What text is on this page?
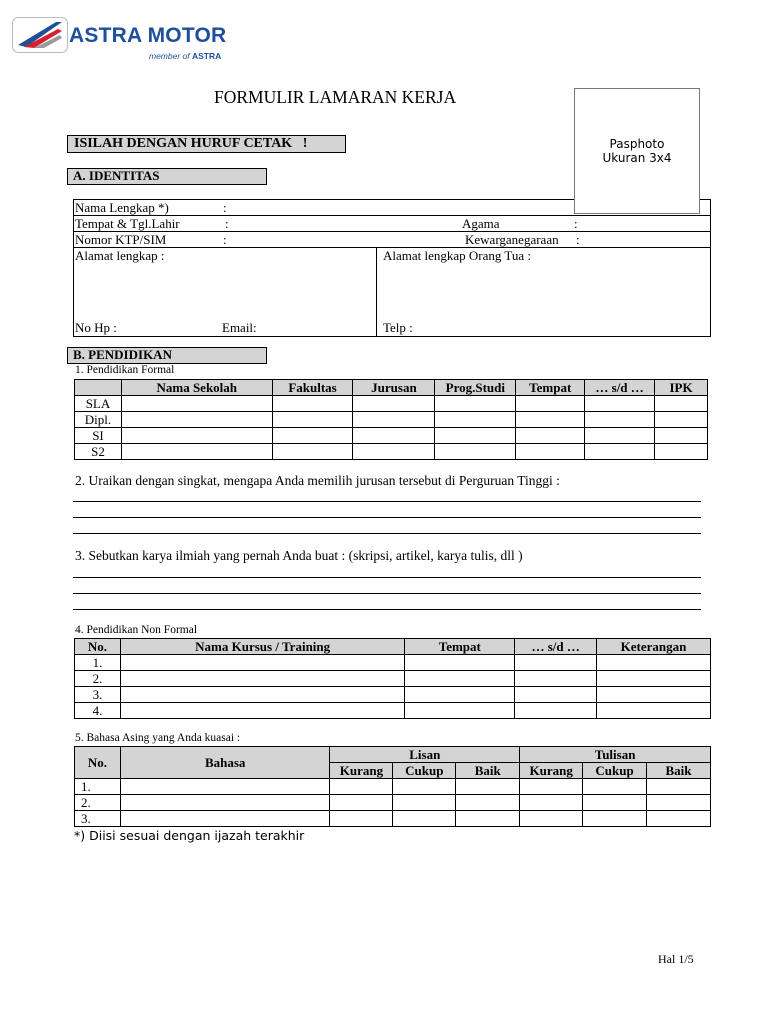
ASTRA MOTOR
member of ASTRA
FORMULIR LAMARAN KERJA
Pasphoto
Ukuran 3x4
ISILAH DENGAN HURUF CETAK   !
A. IDENTITAS
Nama Lengkap *)	:
Tempat & Tgl.Lahir	:	Agama	:
Nomor KTP/SIM	:	Kewarganegaraan :
Alamat lengkap :	Alamat lengkap Orang Tua :
No Hp :	Email:	Telp :
B. PENDIDIKAN
1. Pendidikan Formal
	Nama Sekolah	Fakultas	Jurusan	Prog.Studi	Tempat	… s/d …	IPK
SLA							
Dipl.							
SI							
S2							
2. Uraikan dengan singkat, mengapa Anda memilih jurusan tersebut di Perguruan Tinggi :
3. Sebutkan karya ilmiah yang pernah Anda buat : (skripsi, artikel, karya tulis, dll )
4. Pendidikan Non Formal
No.	Nama Kursus / Training	Tempat	… s/d …	Keterangan
1.				
2.				
3.				
4.				
5. Bahasa Asing yang Anda kuasai :
No.	Bahasa	Lisan			Tulisan		
		Kurang	Cukup	Baik	Kurang	Cukup	Baik
1.							
2.							
3.							
*) Diisi sesuai dengan ijazah terakhir
Hal 1/5
